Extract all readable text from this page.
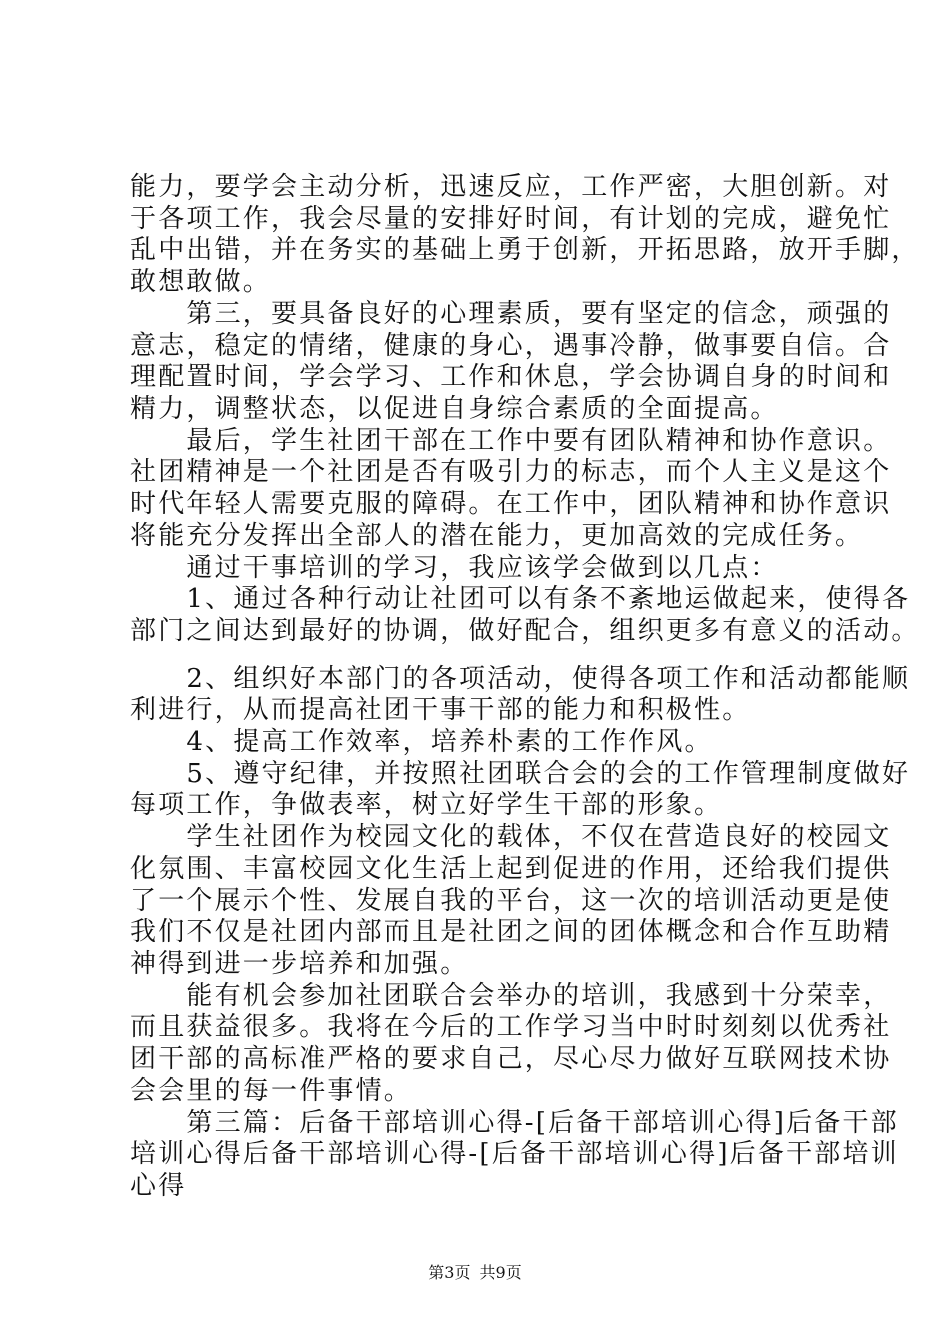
能力，要学会主动分析，迅速反应，工作严密，大胆创新。对
于各项工作，我会尽量的安排好时间，有计划的完成，避免忙
乱中出错，并在务实的基础上勇于创新，开拓思路，放开手脚，
敢想敢做。
　　第三，要具备良好的心理素质，要有坚定的信念，顽强的
意志，稳定的情绪，健康的身心，遇事冷静，做事要自信。合
理配置时间，学会学习、工作和休息，学会协调自身的时间和
精力，调整状态，以促进自身综合素质的全面提高。
　　最后，学生社团干部在工作中要有团队精神和协作意识。
社团精神是一个社团是否有吸引力的标志，而个人主义是这个
时代年轻人需要克服的障碍。在工作中，团队精神和协作意识
将能充分发挥出全部人的潜在能力，更加高效的完成任务。
　　通过干事培训的学习，我应该学会做到以几点：
　　1、通过各种行动让社团可以有条不紊地运做起来，使得各
部门之间达到最好的协调，做好配合，组织更多有意义的活动。
　　2、组织好本部门的各项活动，使得各项工作和活动都能顺
利进行，从而提高社团干事干部的能力和积极性。
　　4、提高工作效率，培养朴素的工作作风。
　　5、遵守纪律，并按照社团联合会的会的工作管理制度做好
每项工作，争做表率，树立好学生干部的形象。
　　学生社团作为校园文化的载体，不仅在营造良好的校园文
化氛围、丰富校园文化生活上起到促进的作用，还给我们提供
了一个展示个性、发展自我的平台，这一次的培训活动更是使
我们不仅是社团内部而且是社团之间的团体概念和合作互助精
神得到进一步培养和加强。
　　能有机会参加社团联合会举办的培训，我感到十分荣幸，
而且获益很多。我将在今后的工作学习当中时时刻刻以优秀社
团干部的高标准严格的要求自己，尽心尽力做好互联网技术协
会会里的每一件事情。
　　第三篇：后备干部培训心得-[后备干部培训心得]后备干部
培训心得后备干部培训心得-[后备干部培训心得]后备干部培训
心得
第3页 共9页
